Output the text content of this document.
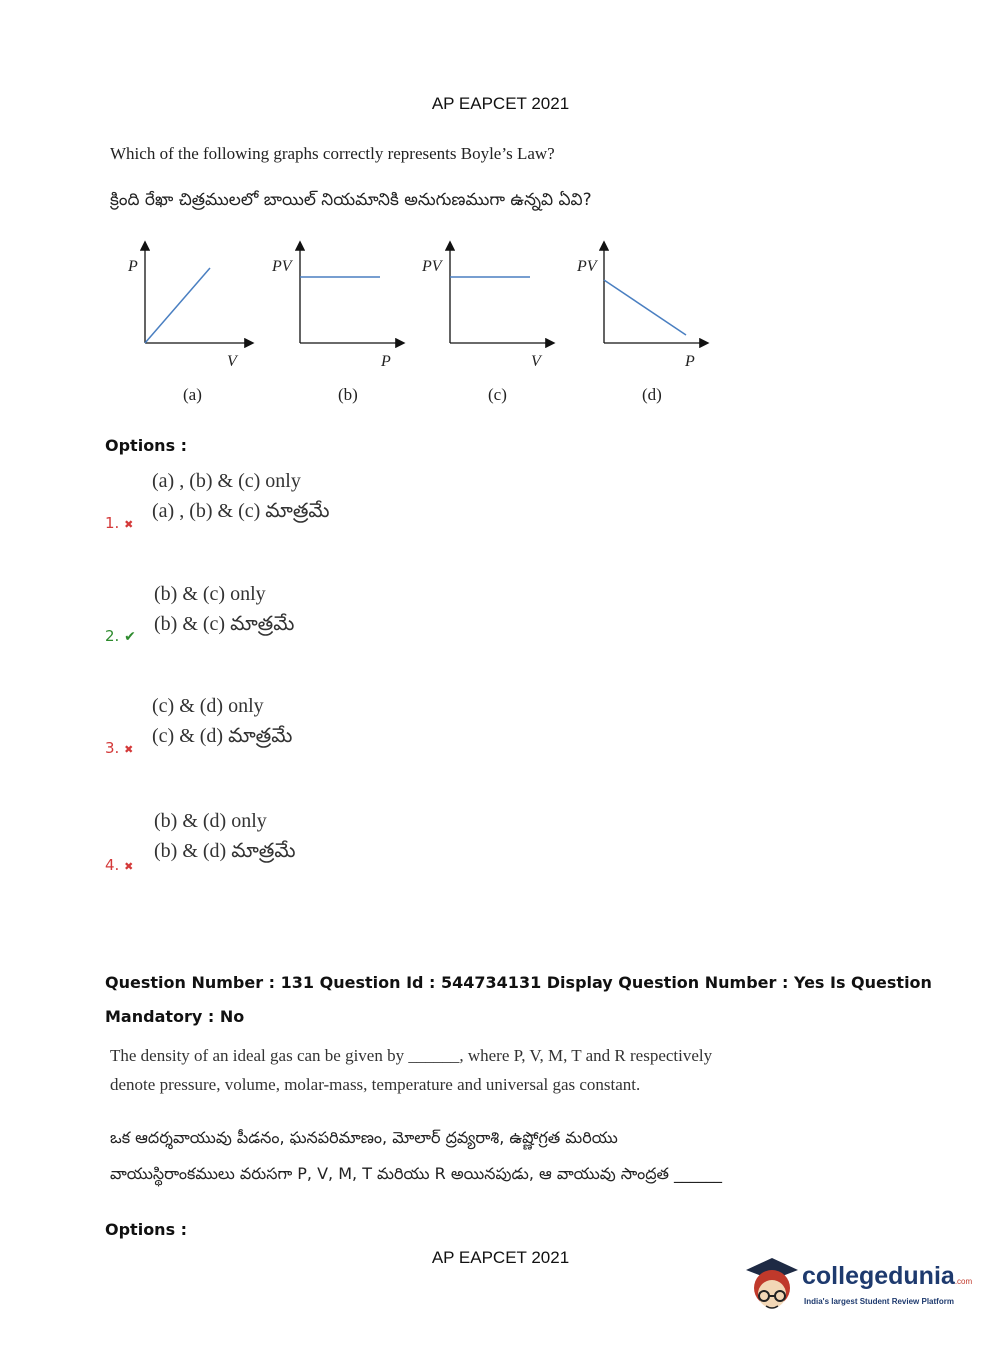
AP EAPCET 2021
Which of the following graphs correctly represents Boyle’s Law?
క్రింది రేఖా చిత్రములలో బాయిల్ నియమానికి అనుగుణముగా ఉన్నవి ఏవి?
P
V
(a)
PV
P
(b)
PV
V
(c)
PV
P
(d)
Options :
(a) , (b) & (c) only
(a) , (b) & (c) మాత్రమే
1. ✖
(b) & (c) only
(b) & (c) మాత్రమే
2. ✔
(c) & (d) only
(c) & (d) మాత్రమే
3. ✖
(b) & (d) only
(b) & (d) మాత్రమే
4. ✖
Question Number : 131 Question Id : 544734131 Display Question Number : Yes Is Question
Mandatory : No
The density of an ideal gas can be given by ______, where P, V, M, T and R respectively
denote pressure, volume, molar-mass, temperature and universal gas constant.
ఒక ఆదర్శవాయువు పీడనం, ఘనపరిమాణం, మోలార్ ద్రవ్యరాశి, ఉష్ణోగ్రత మరియు
వాయుస్థిరాంకములు వరుసగా P, V, M, T మరియు R అయినపుడు, ఆ వాయువు సాంద్రత ______
Options :
AP EAPCET 2021
collegedunia.com
India's largest Student Review Platform
